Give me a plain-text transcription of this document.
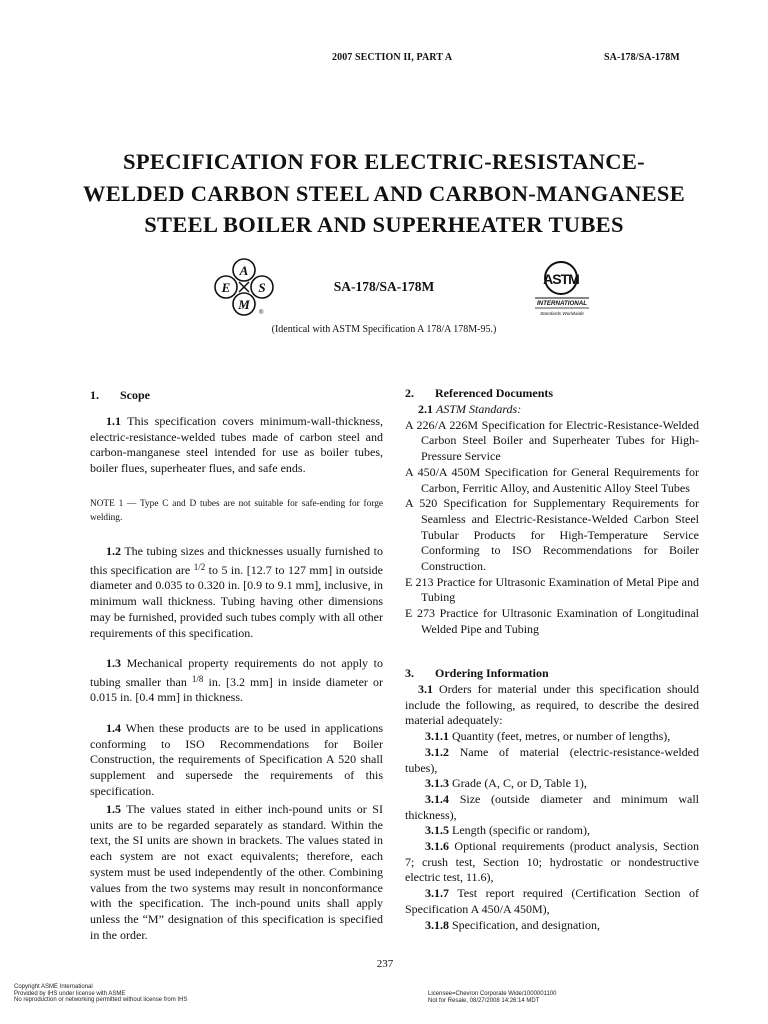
2007 SECTION II, PART A	SA-178/SA-178M
SPECIFICATION FOR ELECTRIC-RESISTANCE-
WELDED CARBON STEEL AND CARBON-MANGANESE
STEEL BOILER AND SUPERHEATER TUBES
A
S
M
E
®
SA-178/SA-178M	ASTM
INTERNATIONAL
Standards Worldwide
(Identical with ASTM Specification A 178/A 178M-95.)
1. Scope

1.1 This specification covers minimum-wall-thickness, electric-resistance-welded tubes made of carbon steel and carbon-manganese steel intended for use as boiler tubes, boiler flues, superheater flues, and safe ends.

NOTE 1 — Type C and D tubes are not suitable for safe-ending for forge welding.

1.2 The tubing sizes and thicknesses usually furnished to this specification are $^{1/2}$ to 5 in. [12.7 to 127 mm] in outside diameter and 0.035 to 0.320 in. [0.9 to 9.1 mm], inclusive, in minimum wall thickness. Tubing having other dimensions may be furnished, provided such tubes comply with all other requirements of this specification.

1.3 Mechanical property requirements do not apply to tubing smaller than $^{1/8}$ in. [3.2 mm] in inside diameter or 0.015 in. [0.4 mm] in thickness.

1.4 When these products are to be used in applications conforming to ISO Recommendations for Boiler Construction, the requirements of Specification A 520 shall supplement and supersede the requirements of this specification.

1.5 The values stated in either inch-pound units or SI units are to be regarded separately as standard. Within the text, the SI units are shown in brackets. The values stated in each system are not exact equivalents; therefore, each system must be used independently of the other. Combining values from the two systems may result in nonconformance with the specification. The inch-pound units shall apply unless the “M” designation of this specification is specified in the order.

2. Referenced Documents

2.1 ASTM Standards:

A 226/A 226M Specification for Electric-Resistance-Welded Carbon Steel Boiler and Superheater Tubes for High-Pressure Service

A 450/A 450M Specification for General Requirements for Carbon, Ferritic Alloy, and Austenitic Alloy Steel Tubes

A 520 Specification for Supplementary Requirements for Seamless and Electric-Resistance-Welded Carbon Steel Tubular Products for High-Temperature Service Conforming to ISO Recommendations for Boiler Construction.

E 213 Practice for Ultrasonic Examination of Metal Pipe and Tubing

E 273 Practice for Ultrasonic Examination of Longitudinal Welded Pipe and Tubing

3. Ordering Information

3.1 Orders for material under this specification should include the following, as required, to describe the desired material adequately:

3.1.1 Quantity (feet, metres, or number of lengths),

3.1.2 Name of material (electric-resistance-welded tubes),

3.1.3 Grade (A, C, or D, Table 1),

3.1.4 Size (outside diameter and minimum wall thickness),

3.1.5 Length (specific or random),

3.1.6 Optional requirements (product analysis, Section 7; crush test, Section 10; hydrostatic or nondestructive electric test, 11.6),

3.1.7 Test report required (Certification Section of Specification A 450/A 450M),

3.1.8 Specification, and designation,

237
Copyright ASME International
Provided by IHS under license with ASME
No reproduction or networking permitted without license from IHS
Licensee=Chevron Corporate Wide/1000001100
Not for Resale, 08/27/2008 14:26:14 MDT
